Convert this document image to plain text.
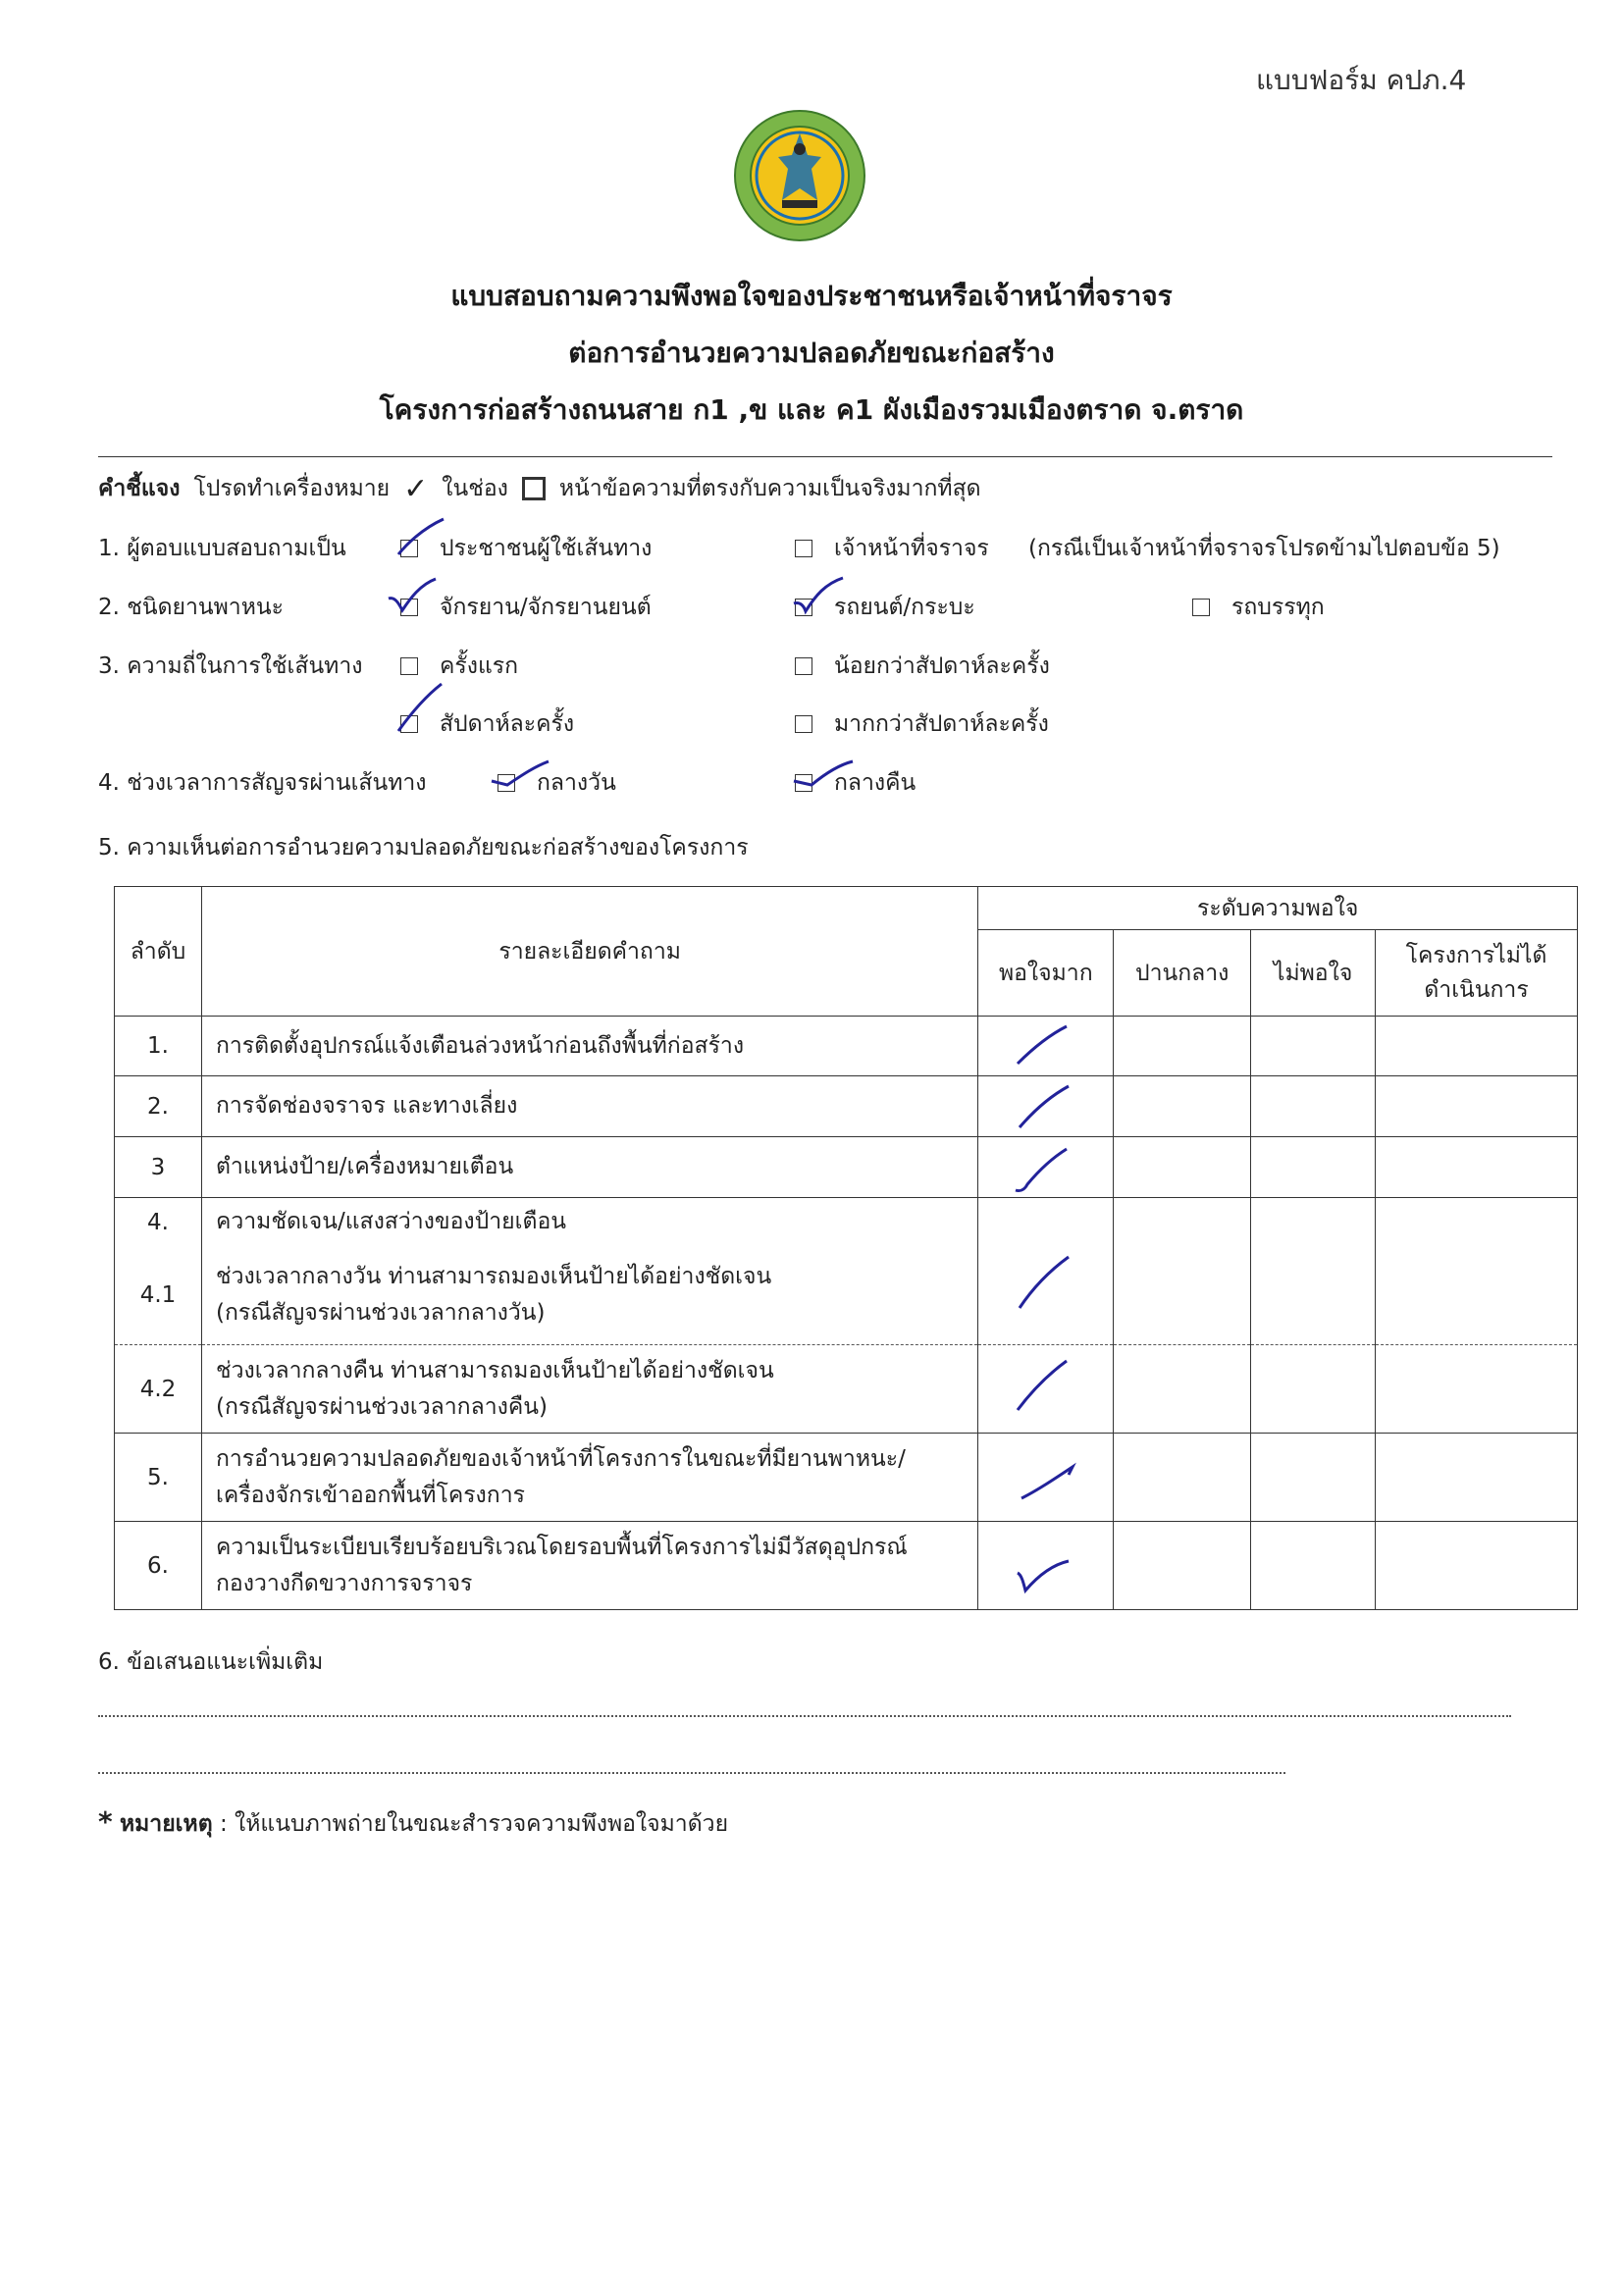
แบบฟอร์ม คปภ.4
แบบสอบถามความพึงพอใจของประชาชนหรือเจ้าหน้าที่จราจร
ต่อการอำนวยความปลอดภัยขณะก่อสร้าง
โครงการก่อสร้างถนนสาย ก1 ,ข และ ค1 ผังเมืองรวมเมืองตราด จ.ตราด
คำชี้แจง โปรดทำเครื่องหมาย ✓ ในช่อง หน้าข้อความที่ตรงกับความเป็นจริงมากที่สุด
1. ผู้ตอบแบบสอบถามเป็น	ประชาชนผู้ใช้เส้นทาง	เจ้าหน้าที่จราจร (กรณีเป็นเจ้าหน้าที่จราจรโปรดข้ามไปตอบข้อ 5)
2. ชนิดยานพาหนะ	จักรยาน/จักรยานยนต์	รถยนต์/กระบะ	รถบรรทุก
3. ความถี่ในการใช้เส้นทาง	ครั้งแรก	น้อยกว่าสัปดาห์ละครั้ง
สัปดาห์ละครั้ง	มากกว่าสัปดาห์ละครั้ง
4. ช่วงเวลาการสัญจรผ่านเส้นทาง	กลางวัน	กลางคืน
5. ความเห็นต่อการอำนวยความปลอดภัยขณะก่อสร้างของโครงการ
ลำดับ	รายละเอียดคำถาม	ระดับความพอใจ			
		พอใจมาก	ปานกลาง	ไม่พอใจ	โครงการไม่ได้ดำเนินการ
1.	การติดตั้งอุปกรณ์แจ้งเตือนล่วงหน้าก่อนถึงพื้นที่ก่อสร้าง	

2.	การจัดช่องจราจร และทางเลี่ยง	

3	ตำแหน่งป้าย/เครื่องหมายเตือน	

4.	ความชัดเจน/แสงสว่างของป้ายเตือน	

4.1	ช่วงเวลากลางวัน ท่านสามารถมองเห็นป้ายได้อย่างชัดเจน
(กรณีสัญจรผ่านช่วงเวลากลางวัน)				

4.2	ช่วงเวลากลางคืน ท่านสามารถมองเห็นป้ายได้อย่างชัดเจน
(กรณีสัญจรผ่านช่วงเวลากลางคืน)

5.	การอำนวยความปลอดภัยของเจ้าหน้าที่โครงการในขณะที่มียานพาหนะ/
เครื่องจักรเข้าออกพื้นที่โครงการ

6.	ความเป็นระเบียบเรียบร้อยบริเวณโดยรอบพื้นที่โครงการไม่มีวัสดุอุปกรณ์
กองวางกีดขวางการจราจร

6. ข้อเสนอแนะเพิ่มเติม
* หมายเหตุ : ให้แนบภาพถ่ายในขณะสำรวจความพึงพอใจมาด้วย
